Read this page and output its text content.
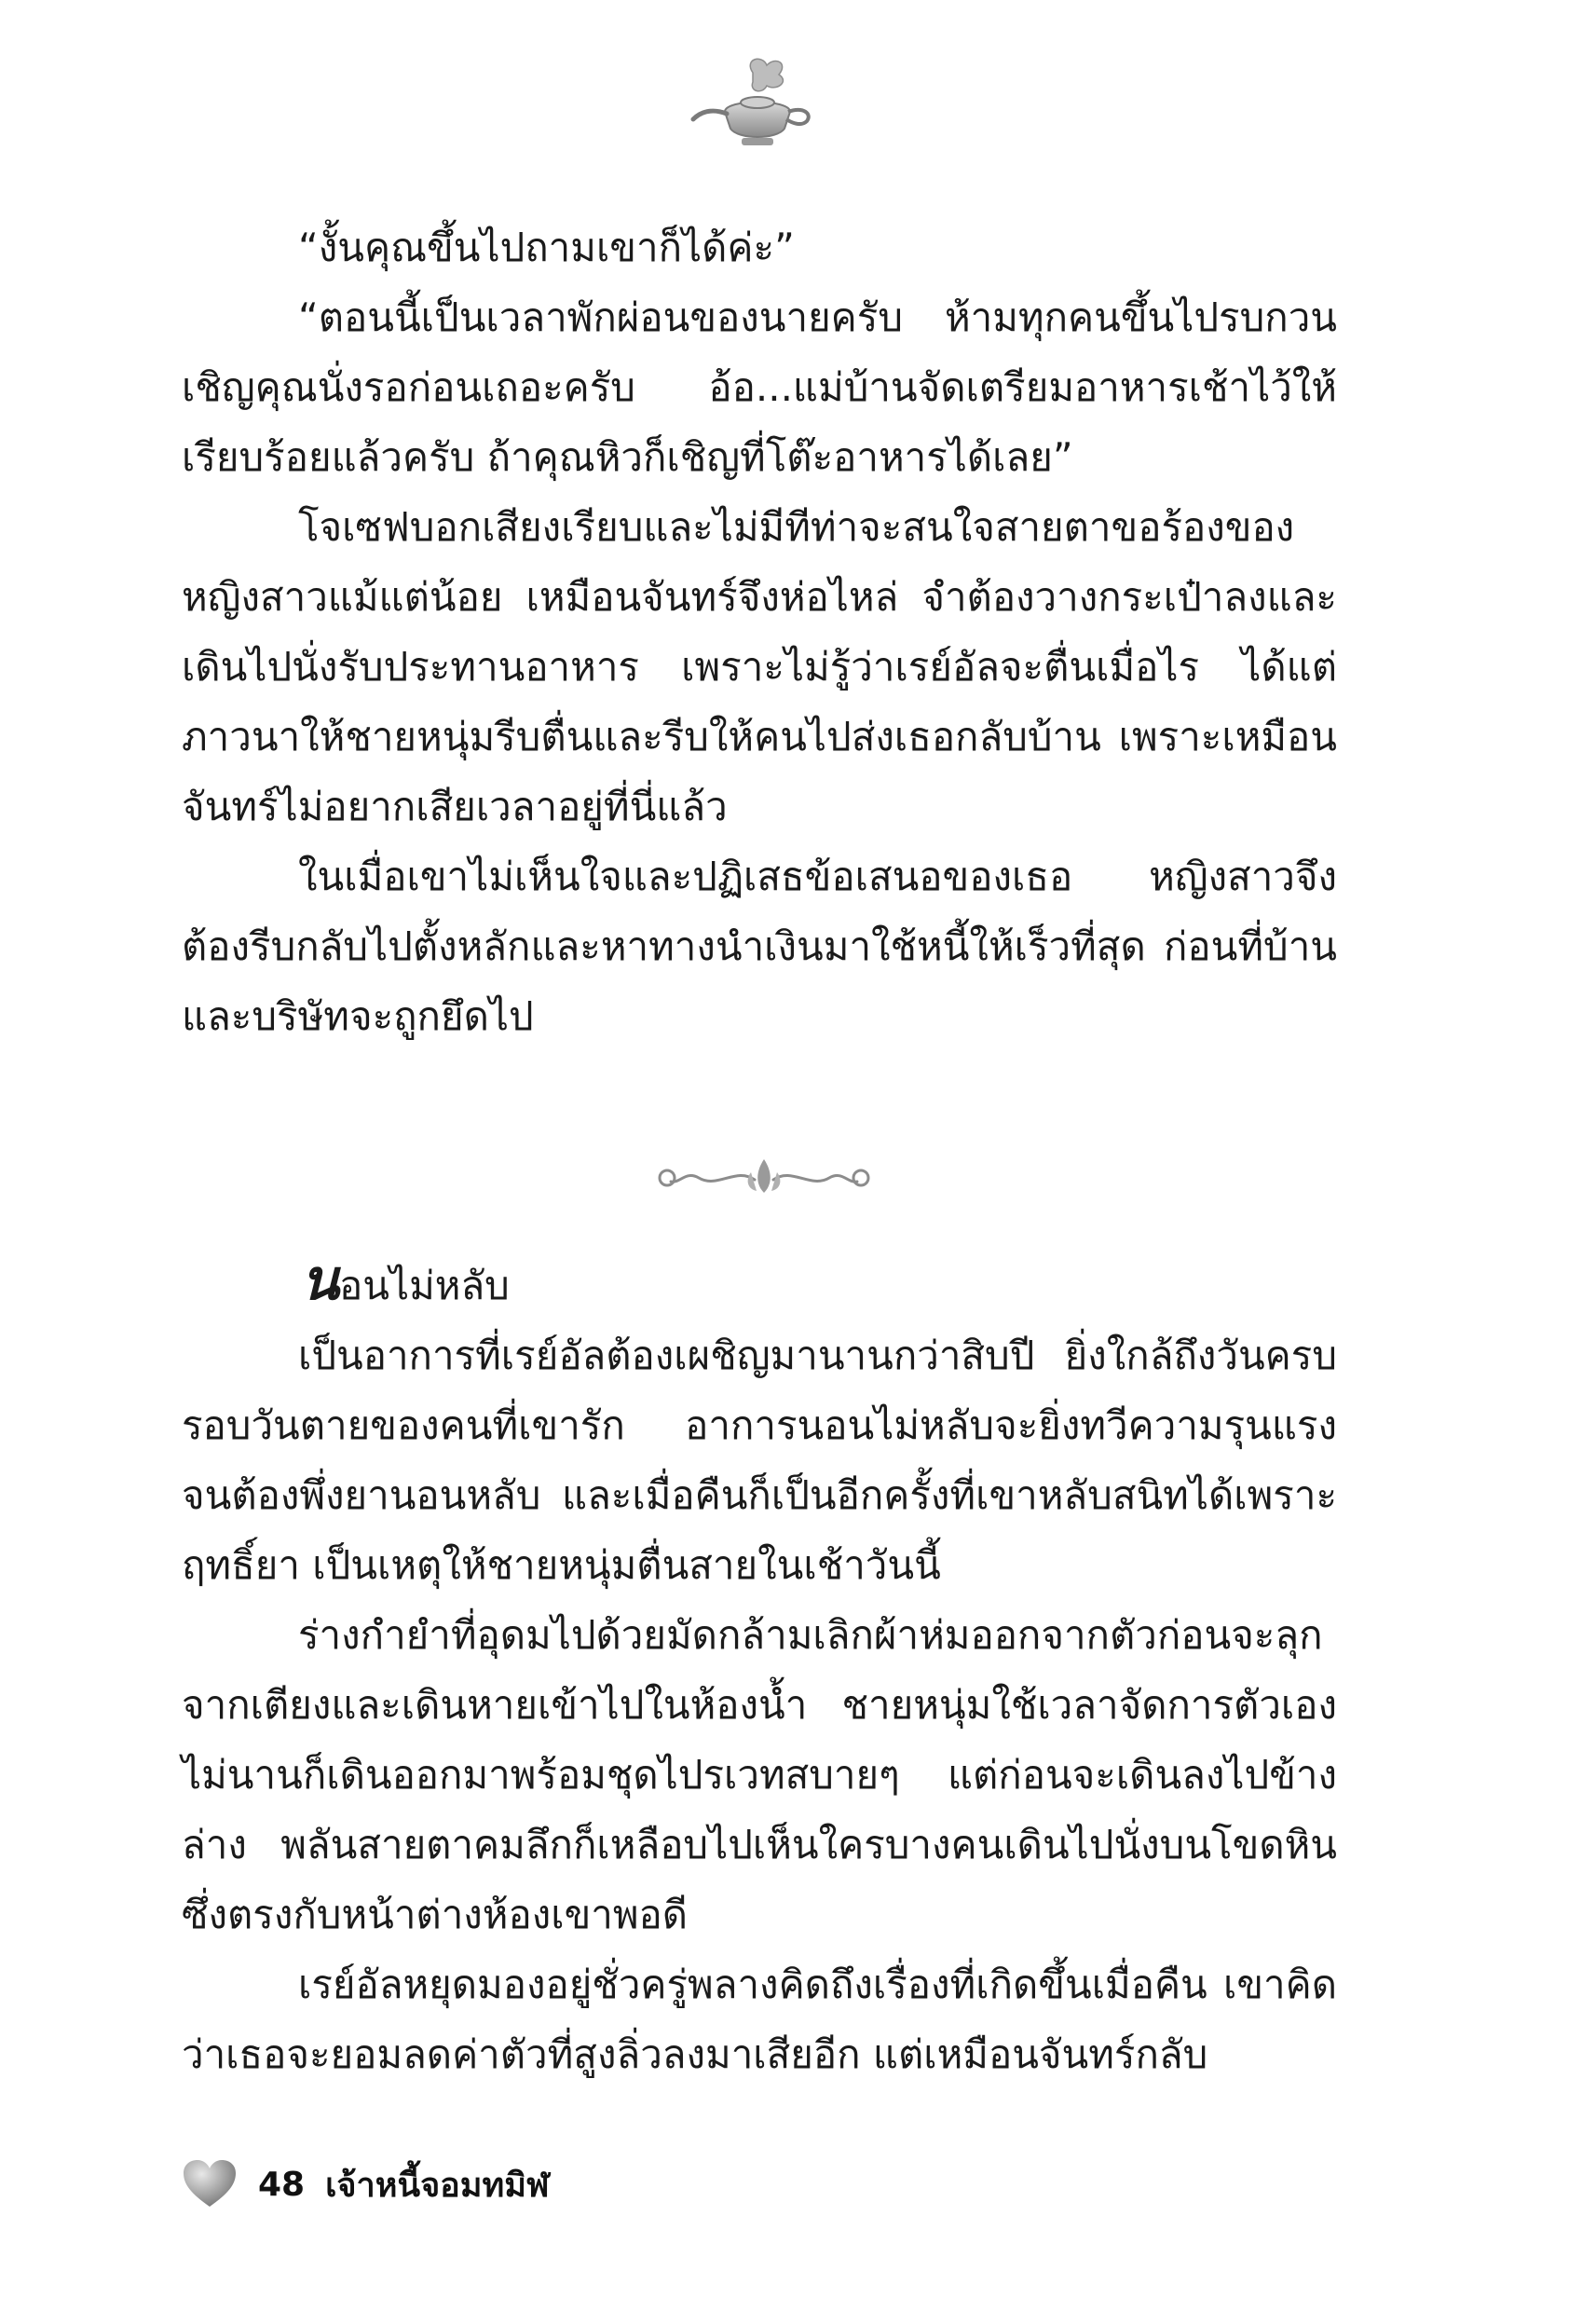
“งั้นคุณขึ้นไปถามเขาก็ได้ค่ะ”

“ตอนนี้เป็นเวลาพักผ่อนของนายครับ ห้ามทุกคนขึ้นไปรบกวน เชิญคุณนั่งรอก่อนเถอะครับ อ้อ...แม่บ้านจัดเตรียมอาหารเช้าไว้ให้เรียบร้อยแล้วครับ ถ้าคุณหิวก็เชิญที่โต๊ะอาหารได้เลย”

โจเซฟบอกเสียงเรียบและไม่มีทีท่าจะสนใจสายตาขอร้องของหญิงสาวแม้แต่น้อย เหมือนจันทร์จึงห่อไหล่ จำต้องวางกระเป๋าลงและเดินไปนั่งรับประทานอาหาร เพราะไม่รู้ว่าเรย์อัลจะตื่นเมื่อไร ได้แต่ภาวนาให้ชายหนุ่มรีบตื่นและรีบให้คนไปส่งเธอกลับบ้าน เพราะเหมือนจันทร์ไม่อยากเสียเวลาอยู่ที่นี่แล้ว

ในเมื่อเขาไม่เห็นใจและปฏิเสธข้อเสนอของเธอ หญิงสาวจึงต้องรีบกลับไปตั้งหลักและหาทางนำเงินมาใช้หนี้ให้เร็วที่สุด ก่อนที่บ้านและบริษัทจะถูกยึดไป

นอนไม่หลับ

เป็นอาการที่เรย์อัลต้องเผชิญมานานกว่าสิบปี ยิ่งใกล้ถึงวันครบรอบวันตายของคนที่เขารัก อาการนอนไม่หลับจะยิ่งทวีความรุนแรงจนต้องพึ่งยานอนหลับ และเมื่อคืนก็เป็นอีกครั้งที่เขาหลับสนิทได้เพราะฤทธิ์ยา เป็นเหตุให้ชายหนุ่มตื่นสายในเช้าวันนี้

ร่างกำยำที่อุดมไปด้วยมัดกล้ามเลิกผ้าห่มออกจากตัวก่อนจะลุกจากเตียงและเดินหายเข้าไปในห้องน้ำ ชายหนุ่มใช้เวลาจัดการตัวเองไม่นานก็เดินออกมาพร้อมชุดไปรเวทสบายๆ แต่ก่อนจะเดินลงไปข้างล่าง พลันสายตาคมลึกก็เหลือบไปเห็นใครบางคนเดินไปนั่งบนโขดหินซึ่งตรงกับหน้าต่างห้องเขาพอดี

เรย์อัลหยุดมองอยู่ชั่วครู่พลางคิดถึงเรื่องที่เกิดขึ้นเมื่อคืน เขาคิดว่าเธอจะยอมลดค่าตัวที่สูงลิ่วลงมาเสียอีก แต่เหมือนจันทร์กลับ

48 เจ้าหนี้จอมทมิฬ
